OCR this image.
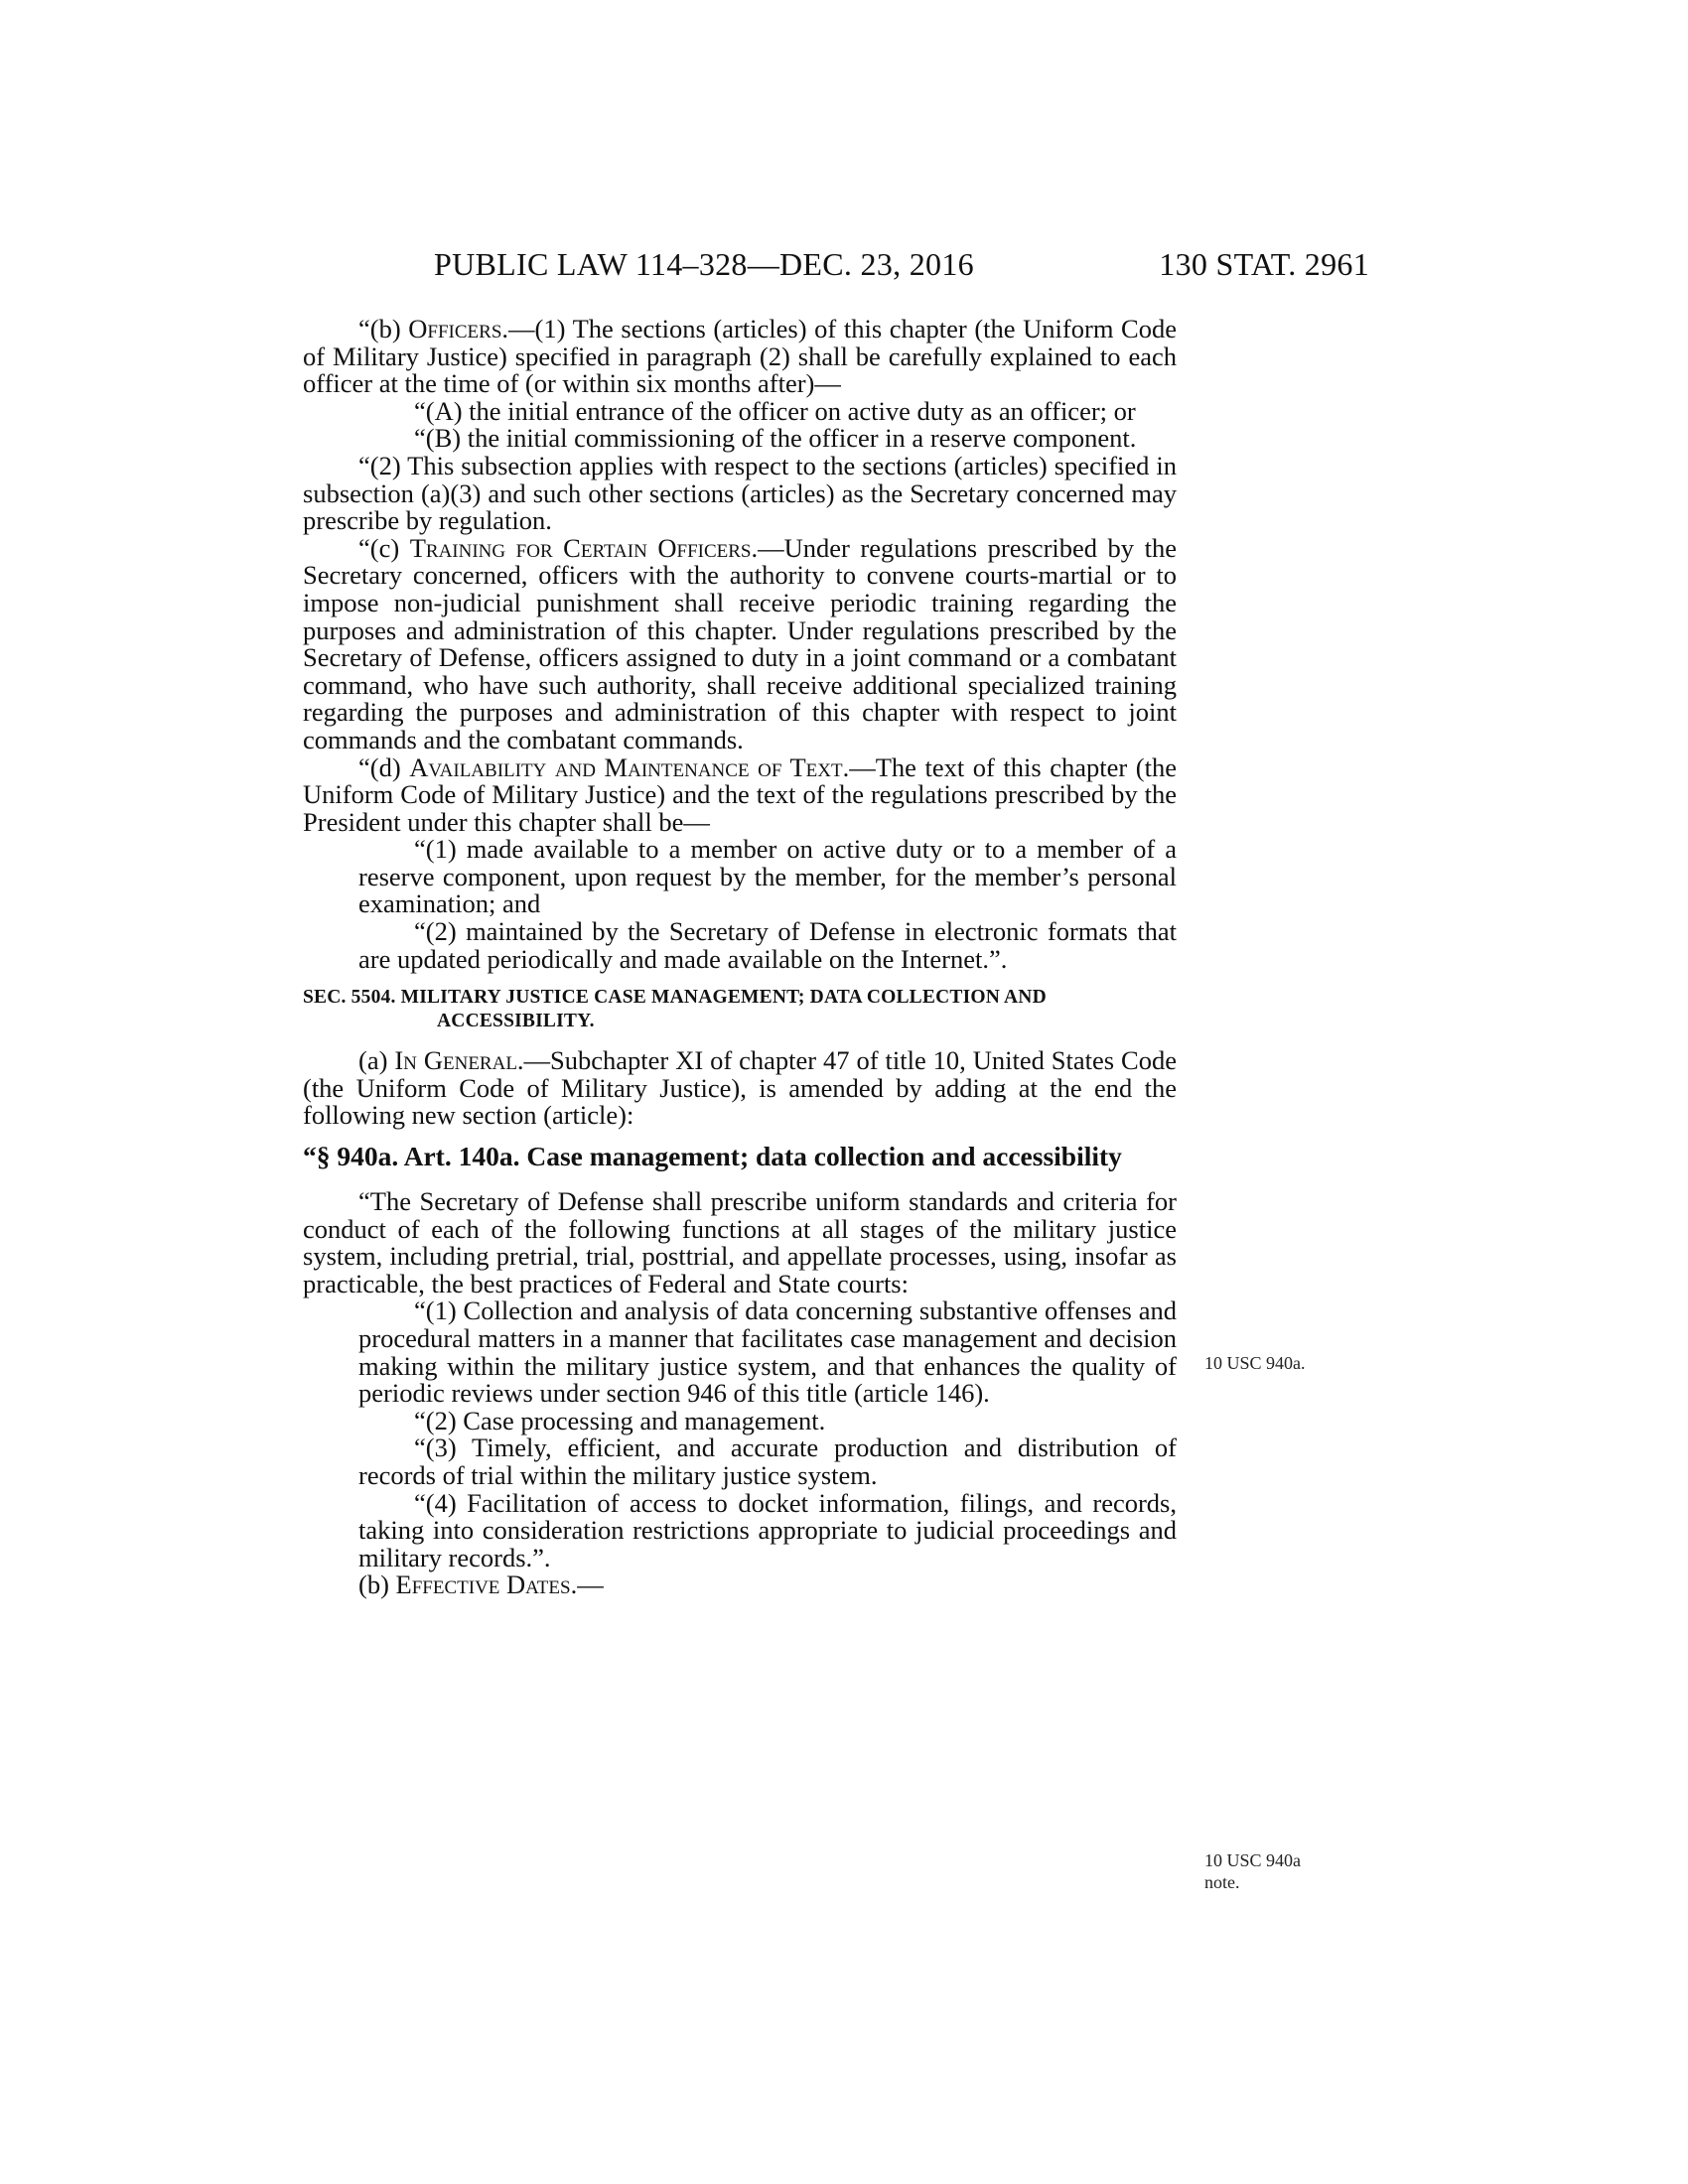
PUBLIC LAW 114–328—DEC. 23, 2016	130 STAT. 2961

“(b) Officers.—(1) The sections (articles) of this chapter (the Uniform Code of Military Justice) specified in paragraph (2) shall be carefully explained to each officer at the time of (or within six months after)—

“(A) the initial entrance of the officer on active duty as an officer; or

“(B) the initial commissioning of the officer in a reserve component.

“(2) This subsection applies with respect to the sections (articles) specified in subsection (a)(3) and such other sections (articles) as the Secretary concerned may prescribe by regulation.

“(c) Training for Certain Officers.—Under regulations prescribed by the Secretary concerned, officers with the authority to convene courts-martial or to impose non-judicial punishment shall receive periodic training regarding the purposes and administration of this chapter. Under regulations prescribed by the Secretary of Defense, officers assigned to duty in a joint command or a combatant command, who have such authority, shall receive additional specialized training regarding the purposes and administration of this chapter with respect to joint commands and the combatant commands.

“(d) Availability and Maintenance of Text.—The text of this chapter (the Uniform Code of Military Justice) and the text of the regulations prescribed by the President under this chapter shall be—

“(1) made available to a member on active duty or to a member of a reserve component, upon request by the member, for the member’s personal examination; and

“(2) maintained by the Secretary of Defense in electronic formats that are updated periodically and made available on the Internet.”.

SEC. 5504. MILITARY JUSTICE CASE MANAGEMENT; DATA COLLECTION AND ACCESSIBILITY.

(a) In General.—Subchapter XI of chapter 47 of title 10, United States Code (the Uniform Code of Military Justice), is amended by adding at the end the following new section (article):

“§ 940a. Art. 140a. Case management; data collection and accessibility

“The Secretary of Defense shall prescribe uniform standards and criteria for conduct of each of the following functions at all stages of the military justice system, including pretrial, trial, posttrial, and appellate processes, using, insofar as practicable, the best practices of Federal and State courts:

“(1) Collection and analysis of data concerning substantive offenses and procedural matters in a manner that facilitates case management and decision making within the military justice system, and that enhances the quality of periodic reviews under section 946 of this title (article 146).

“(2) Case processing and management.

“(3) Timely, efficient, and accurate production and distribution of records of trial within the military justice system.

“(4) Facilitation of access to docket information, filings, and records, taking into consideration restrictions appropriate to judicial proceedings and military records.”.

(b) Effective Dates.—

10 USC 940a.
10 USC 940a
note.
